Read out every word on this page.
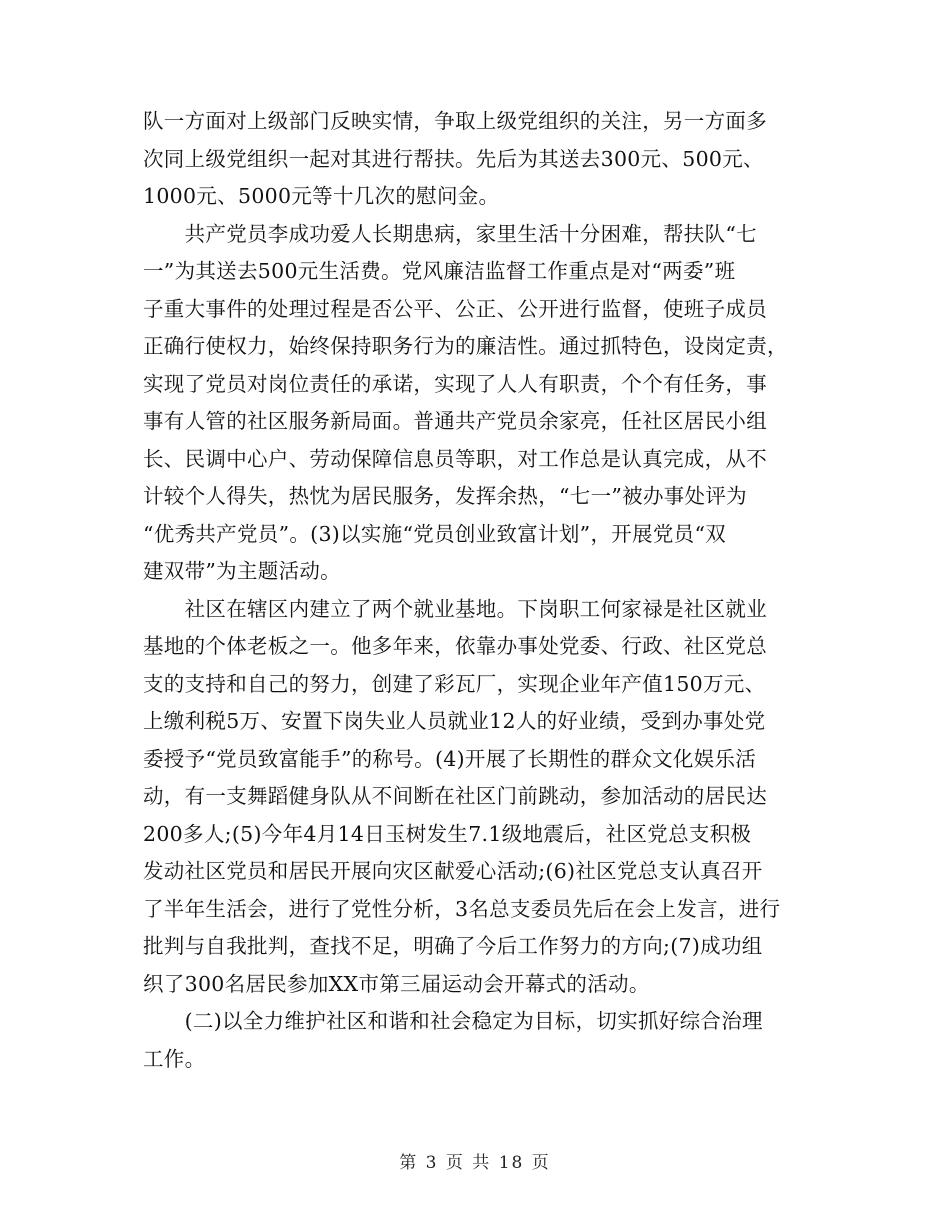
队一方面对上级部门反映实情，争取上级党组织的关注，另一方面多
次同上级党组织一起对其进行帮扶。先后为其送去300元、500元、
1000元、5000元等十几次的慰问金。
　　共产党员李成功爱人长期患病，家里生活十分困难，帮扶队“七
一”为其送去500元生活费。党风廉洁监督工作重点是对“两委”班
子重大事件的处理过程是否公平、公正、公开进行监督，使班子成员
正确行使权力，始终保持职务行为的廉洁性。通过抓特色，设岗定责，
实现了党员对岗位责任的承诺，实现了人人有职责，个个有任务，事
事有人管的社区服务新局面。普通共产党员余家亮，任社区居民小组
长、民调中心户、劳动保障信息员等职，对工作总是认真完成，从不
计较个人得失，热忱为居民服务，发挥余热，“七一”被办事处评为
“优秀共产党员”。(3)以实施“党员创业致富计划”，开展党员“双
建双带”为主题活动。
　　社区在辖区内建立了两个就业基地。下岗职工何家禄是社区就业
基地的个体老板之一。他多年来，依靠办事处党委、行政、社区党总
支的支持和自己的努力，创建了彩瓦厂，实现企业年产值150万元、
上缴利税5万、安置下岗失业人员就业12人的好业绩，受到办事处党
委授予“党员致富能手”的称号。(4)开展了长期性的群众文化娱乐活
动，有一支舞蹈健身队从不间断在社区门前跳动，参加活动的居民达
200多人;(5)今年4月14日玉树发生7.1级地震后，社区党总支积极
发动社区党员和居民开展向灾区献爱心活动;(6)社区党总支认真召开
了半年生活会，进行了党性分析，3名总支委员先后在会上发言，进行
批判与自我批判，查找不足，明确了今后工作努力的方向;(7)成功组
织了300名居民参加XX市第三届运动会开幕式的活动。
　　(二)以全力维护社区和谐和社会稳定为目标，切实抓好综合治理
工作。
第 3 页 共 18 页
